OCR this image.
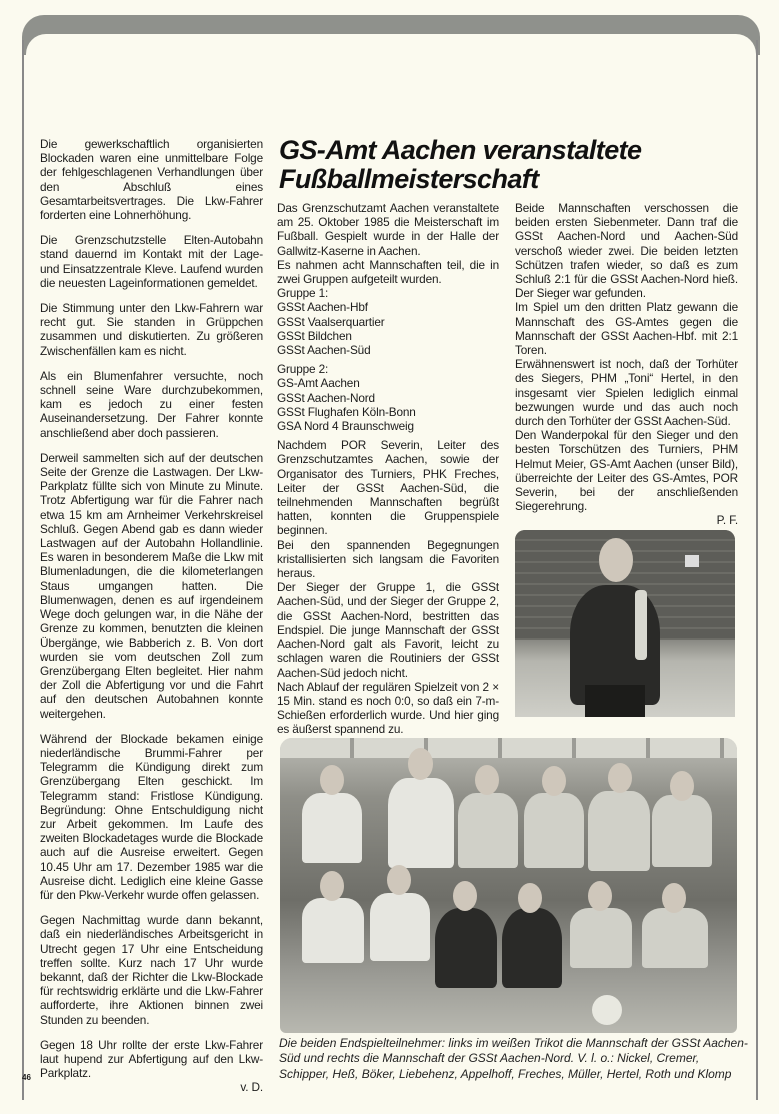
Die gewerkschaftlich organisierten Blockaden waren eine unmittelbare Folge der fehlgeschlagenen Verhandlungen über den Abschluß eines Gesamtarbeitsvertrages. Die Lkw-Fahrer forderten eine Lohnerhöhung.

Die Grenzschutzstelle Elten-Autobahn stand dauernd im Kontakt mit der Lage- und Einsatzzentrale Kleve. Laufend wurden die neuesten Lageinformationen gemeldet.

Die Stimmung unter den Lkw-Fahrern war recht gut. Sie standen in Grüppchen zusammen und diskutierten. Zu größeren Zwischenfällen kam es nicht.

Als ein Blumenfahrer versuchte, noch schnell seine Ware durchzubekommen, kam es jedoch zu einer festen Auseinandersetzung. Der Fahrer konnte anschließend aber doch passieren.

Derweil sammelten sich auf der deutschen Seite der Grenze die Lastwagen. Der Lkw-Parkplatz füllte sich von Minute zu Minute. Trotz Abfertigung war für die Fahrer nach etwa 15 km am Arnheimer Verkehrskreisel Schluß. Gegen Abend gab es dann wieder Lastwagen auf der Autobahn Hollandlinie. Es waren in besonderem Maße die Lkw mit Blumenladungen, die die kilometerlangen Staus umgangen hatten. Die Blumenwagen, denen es auf irgendeinem Wege doch gelungen war, in die Nähe der Grenze zu kommen, benutzten die kleinen Übergänge, wie Babberich z. B. Von dort wurden sie vom deutschen Zoll zum Grenzübergang Elten begleitet. Hier nahm der Zoll die Abfertigung vor und die Fahrt auf den deutschen Autobahnen konnte weitergehen.

Während der Blockade bekamen einige niederländische Brummi-Fahrer per Telegramm die Kündigung direkt zum Grenzübergang Elten geschickt. Im Telegramm stand: Fristlose Kündigung. Begründung: Ohne Entschuldigung nicht zur Arbeit gekommen. Im Laufe des zweiten Blockadetages wurde die Blockade auch auf die Ausreise erweitert. Gegen 10.45 Uhr am 17. Dezember 1985 war die Ausreise dicht. Lediglich eine kleine Gasse für den Pkw-Verkehr wurde offen gelassen.

Gegen Nachmittag wurde dann bekannt, daß ein niederländisches Arbeitsgericht in Utrecht gegen 17 Uhr eine Entscheidung treffen sollte. Kurz nach 17 Uhr wurde bekannt, daß der Richter die Lkw-Blockade für rechtswidrig erklärte und die Lkw-Fahrer aufforderte, ihre Aktionen binnen zwei Stunden zu beenden.

Gegen 18 Uhr rollte der erste Lkw-Fahrer laut hupend zur Abfertigung auf den Lkw-Parkplatz.

v. D.
46
GS-Amt Aachen veranstaltete
Fußballmeisterschaft

Das Grenzschutzamt Aachen veranstaltete am 25. Oktober 1985 die Meisterschaft im Fußball. Gespielt wurde in der Halle der Gallwitz-Kaserne in Aachen.

Es nahmen acht Mannschaften teil, die in zwei Gruppen aufgeteilt wurden.

Gruppe 1:
GSSt Aachen-Hbf
GSSt Vaalserquartier
GSSt Bildchen
GSSt Aachen-Süd
Gruppe 2:
GS-Amt Aachen
GSSt Aachen-Nord
GSSt Flughafen Köln-Bonn
GSA Nord 4 Braunschweig

Nachdem POR Severin, Leiter des Grenzschutzamtes Aachen, sowie der Organisator des Turniers, PHK Freches, Leiter der GSSt Aachen-Süd, die teilnehmenden Mannschaften begrüßt hatten, konnten die Gruppenspiele beginnen.

Bei den spannenden Begegnungen kristallisierten sich langsam die Favoriten heraus.

Der Sieger der Gruppe 1, die GSSt Aachen-Süd, und der Sieger der Gruppe 2, die GSSt Aachen-Nord, bestritten das Endspiel. Die junge Mannschaft der GSSt Aachen-Nord galt als Favorit, leicht zu schlagen waren die Routiniers der GSSt Aachen-Süd jedoch nicht.

Nach Ablauf der regulären Spielzeit von 2 × 15 Min. stand es noch 0:0, so daß ein 7-m-Schießen erforderlich wurde. Und hier ging es äußerst spannend zu.

Beide Mannschaften verschossen die beiden ersten Siebenmeter. Dann traf die GSSt Aachen-Nord und Aachen-Süd verschoß wieder zwei. Die beiden letzten Schützen trafen wieder, so daß es zum Schluß 2:1 für die GSSt Aachen-Nord hieß. Der Sieger war gefunden.

Im Spiel um den dritten Platz gewann die Mannschaft des GS-Amtes gegen die Mannschaft der GSSt Aachen-Hbf. mit 2:1 Toren.

Erwähnenswert ist noch, daß der Torhüter des Siegers, PHM „Toni“ Hertel, in den insgesamt vier Spielen lediglich einmal bezwungen wurde und das auch noch durch den Torhüter der GSSt Aachen-Süd.

Den Wanderpokal für den Sieger und den besten Torschützen des Turniers, PHM Helmut Meier, GS-Amt Aachen (unser Bild), überreichte der Leiter des GS-Amtes, POR Severin, bei der anschließenden Siegerehrung.

P. F.
Die beiden Endspielteilnehmer: links im weißen Trikot die Mannschaft der GSSt Aachen-Süd und rechts die Mannschaft der GSSt Aachen-Nord. V. l. o.: Nickel, Cremer, Schipper, Heß, Böker, Liebehenz, Appelhoff, Freches, Müller, Hertel, Roth und Klomp
